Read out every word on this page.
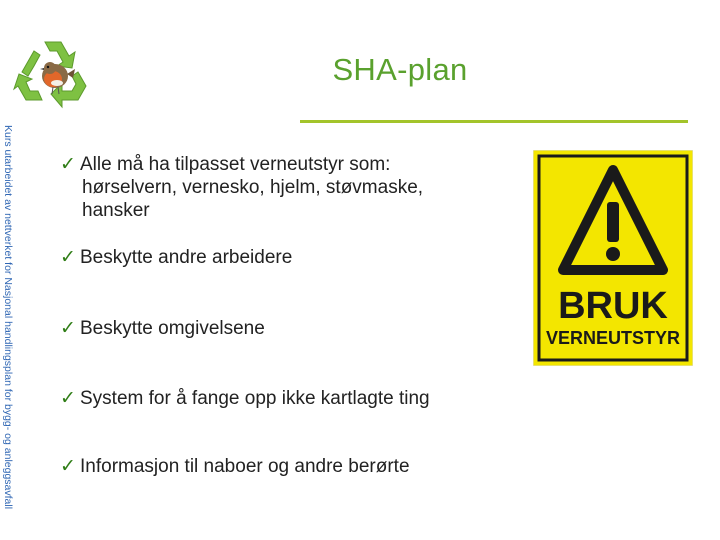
SHA-plan
Kurs utarbeidet av nettverket for Nasjonal handlingsplan for bygg- og anleggsavfall ✓ Alle må ha tilpasset verneutstyr som:
hørselvern, vernesko, hjelm, støvmaske,
hansker
✓ Beskytte andre arbeidere
✓ Beskytte omgivelsene
✓ System for å fange opp ikke kartlagte ting
✓ Informasjon til naboer og andre berørte
BRUK
VERNEUTSTYR
